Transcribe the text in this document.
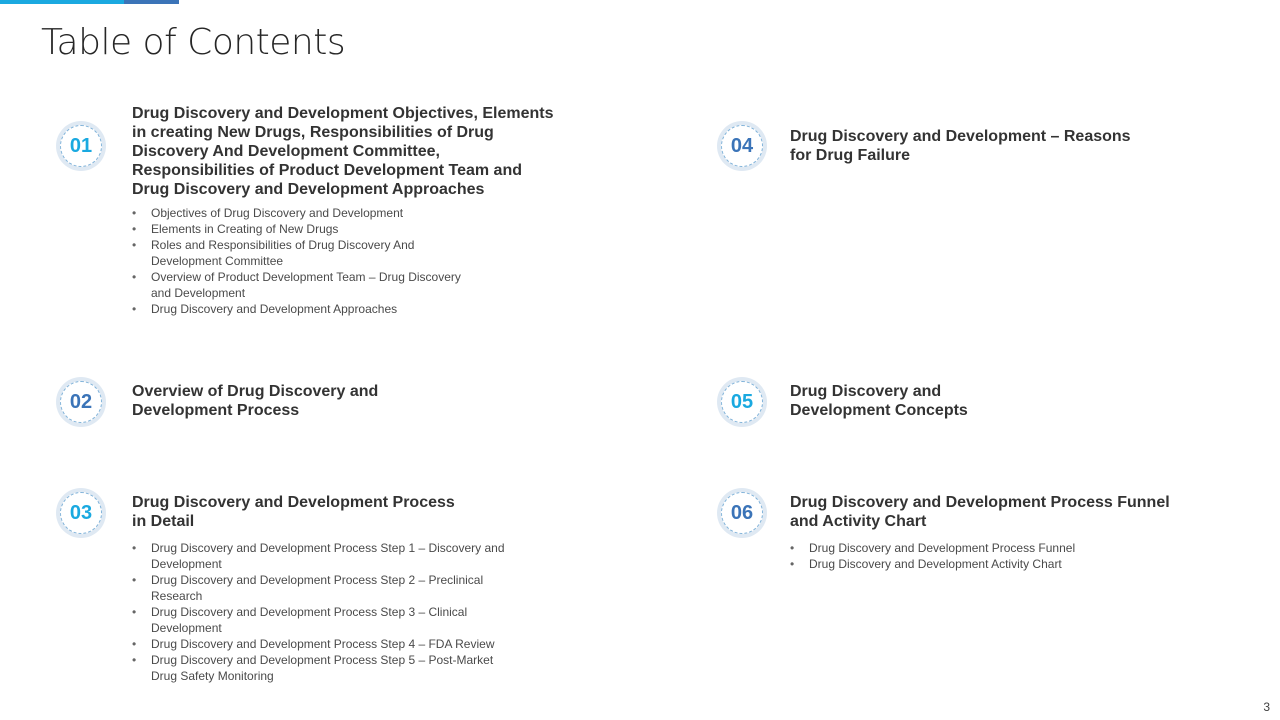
Table of Contents
01
Drug Discovery and Development Objectives, Elements
in creating New Drugs, Responsibilities of Drug
Discovery And Development Committee,
Responsibilities of Product Development Team and
Drug Discovery and Development Approaches
• Objectives of Drug Discovery and Development
• Elements in Creating of New Drugs
• Roles and Responsibilities of Drug Discovery And
Development Committee
• Overview of Product Development Team – Drug Discovery
and Development
• Drug Discovery and Development Approaches
02	Overview of Drug Discovery and
Development Process
03	Drug Discovery and Development Process
in Detail
• Drug Discovery and Development Process Step 1 – Discovery and
Development
• Drug Discovery and Development Process Step 2 – Preclinical
Research
• Drug Discovery and Development Process Step 3 – Clinical
Development
• Drug Discovery and Development Process Step 4 – FDA Review
• Drug Discovery and Development Process Step 5 – Post-Market
Drug Safety Monitoring
04	Drug Discovery and Development – Reasons
for Drug Failure
05	Drug Discovery and
Development Concepts
06	Drug Discovery and Development Process Funnel
and Activity Chart
• Drug Discovery and Development Process Funnel
• Drug Discovery and Development Activity Chart
3
